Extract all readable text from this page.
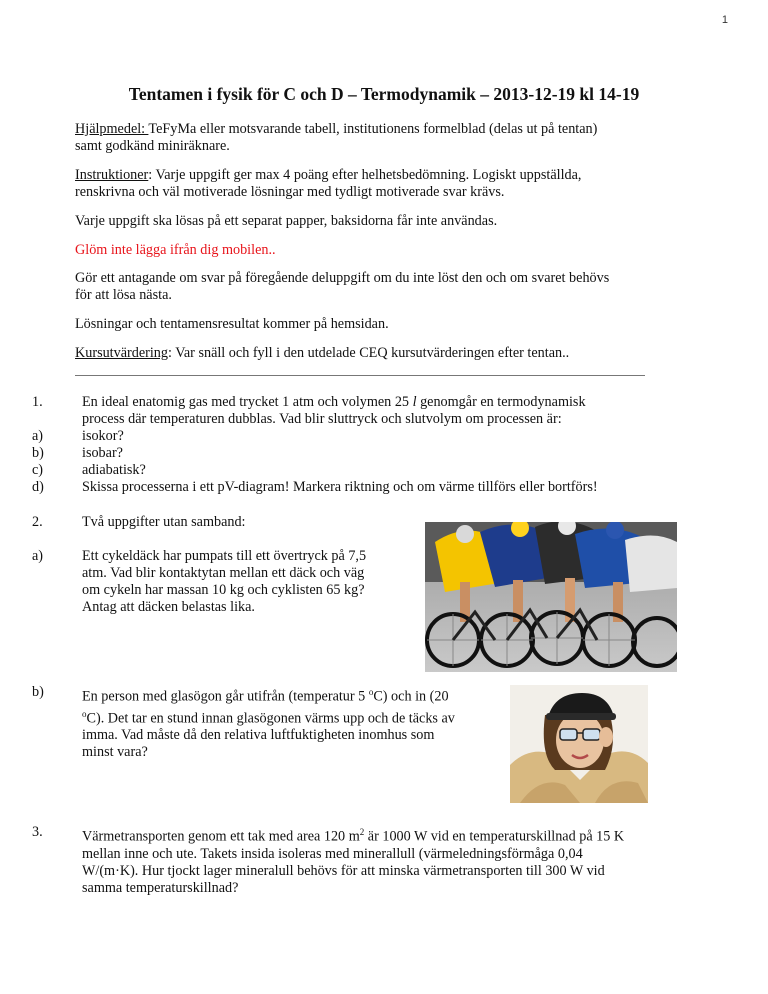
1
Tentamen i fysik för C och D – Termodynamik – 2013-12-19 kl 14-19
Hjälpmedel: TeFyMa eller motsvarande tabell, institutionens formelblad (delas ut på tentan)
samt godkänd miniräknare.
Instruktioner: Varje uppgift ger max 4 poäng efter helhetsbedömning. Logiskt uppställda,
renskrivna och väl motiverade lösningar med tydligt motiverade svar krävs.
Varje uppgift ska lösas på ett separat papper, baksidorna får inte användas.
Glöm inte lägga ifrån dig mobilen..
Gör ett antagande om svar på föregående deluppgift om du inte löst den och om svaret behövs
för att lösa nästa.
Lösningar och tentamensresultat kommer på hemsidan.
Kursutvärdering: Var snäll och fyll i den utdelade CEQ kursutvärderingen efter tentan..
1.	En ideal enatomig gas med trycket 1 atm och volymen 25 l genomgår en termodynamisk
process där temperaturen dubblas. Vad blir sluttryck och slutvolym om processen är:
a)	isokor?
b)	isobar?
c)	adiabatisk?
d)	Skissa processerna i ett pV-diagram! Markera riktning och om värme tillförs eller bortförs!
2.	Två uppgifter utan samband:
a)	Ett cykeldäck har pumpats till ett övertryck på 7,5
atm. Vad blir kontaktytan mellan ett däck och väg
om cykeln har massan 10 kg och cyklisten 65 kg?
Antag att däcken belastas lika.
b)	En person med glasögon går utifrån (temperatur 5 $^o$C) och in (20
$^o$C). Det tar en stund innan glasögonen värms upp och de täcks av
imma. Vad måste då den relativa luftfuktigheten inomhus som
minst vara?
3.	Värmetransporten genom ett tak med area 120 $m^2$ är 1000 W vid en temperaturskillnad på 15 K
mellan inne och ute. Takets insida isoleras med minerallull (värmeledningsförmåga 0,04
W/(m·K). Hur tjockt lager mineralull behövs för att minska värmetransporten till 300 W vid
samma temperaturskillnad?
